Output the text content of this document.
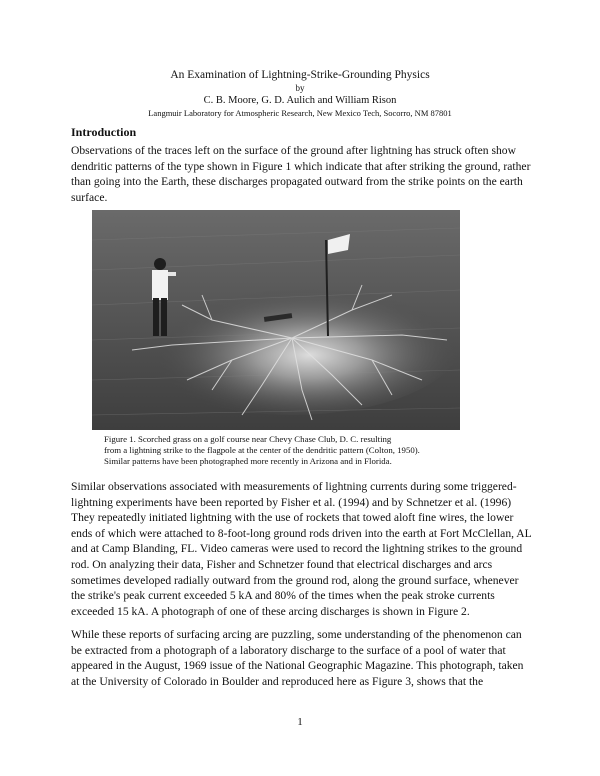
An Examination of Lightning-Strike-Grounding Physics
by
C. B. Moore, G. D. Aulich and William Rison
Langmuir Laboratory for Atmospheric Research, New Mexico Tech, Socorro, NM 87801
Introduction

Observations of the traces left on the surface of the ground after lightning has struck often show dendritic patterns of the type shown in Figure 1 which indicate that after striking the ground, rather than going into the Earth, these discharges propagated outward from the strike points on the earth surface.

Figure 1. Scorched grass on a golf course near Chevy Chase Club, D. C. resulting
from a lightning strike to the flagpole at the center of the dendritic pattern (Colton, 1950).
Similar patterns have been photographed more recently in Arizona and in Florida.

Similar observations associated with measurements of lightning currents during some triggered-lightning experiments have been reported by Fisher et al. (1994) and by Schnetzer et al. (1996) They repeatedly initiated lightning with the use of rockets that towed aloft fine wires, the lower ends of which were attached to 8-foot-long ground rods driven into the earth at Fort McClellan, AL and at Camp Blanding, FL. Video cameras were used to record the lightning strikes to the ground rod. On analyzing their data, Fisher and Schnetzer found that electrical discharges and arcs sometimes developed radially outward from the ground rod, along the ground surface, whenever the strike's peak current exceeded 5 kA and 80% of the times when the peak stroke currents exceeded 15 kA. A photograph of one of these arcing discharges is shown in Figure 2.

While these reports of surfacing arcing are puzzling, some understanding of the phenomenon can be extracted from a photograph of a laboratory discharge to the surface of a pool of water that appeared in the August, 1969 issue of the National Geographic Magazine. This photograph, taken at the University of Colorado in Boulder and reproduced here as Figure 3, shows that the

1
